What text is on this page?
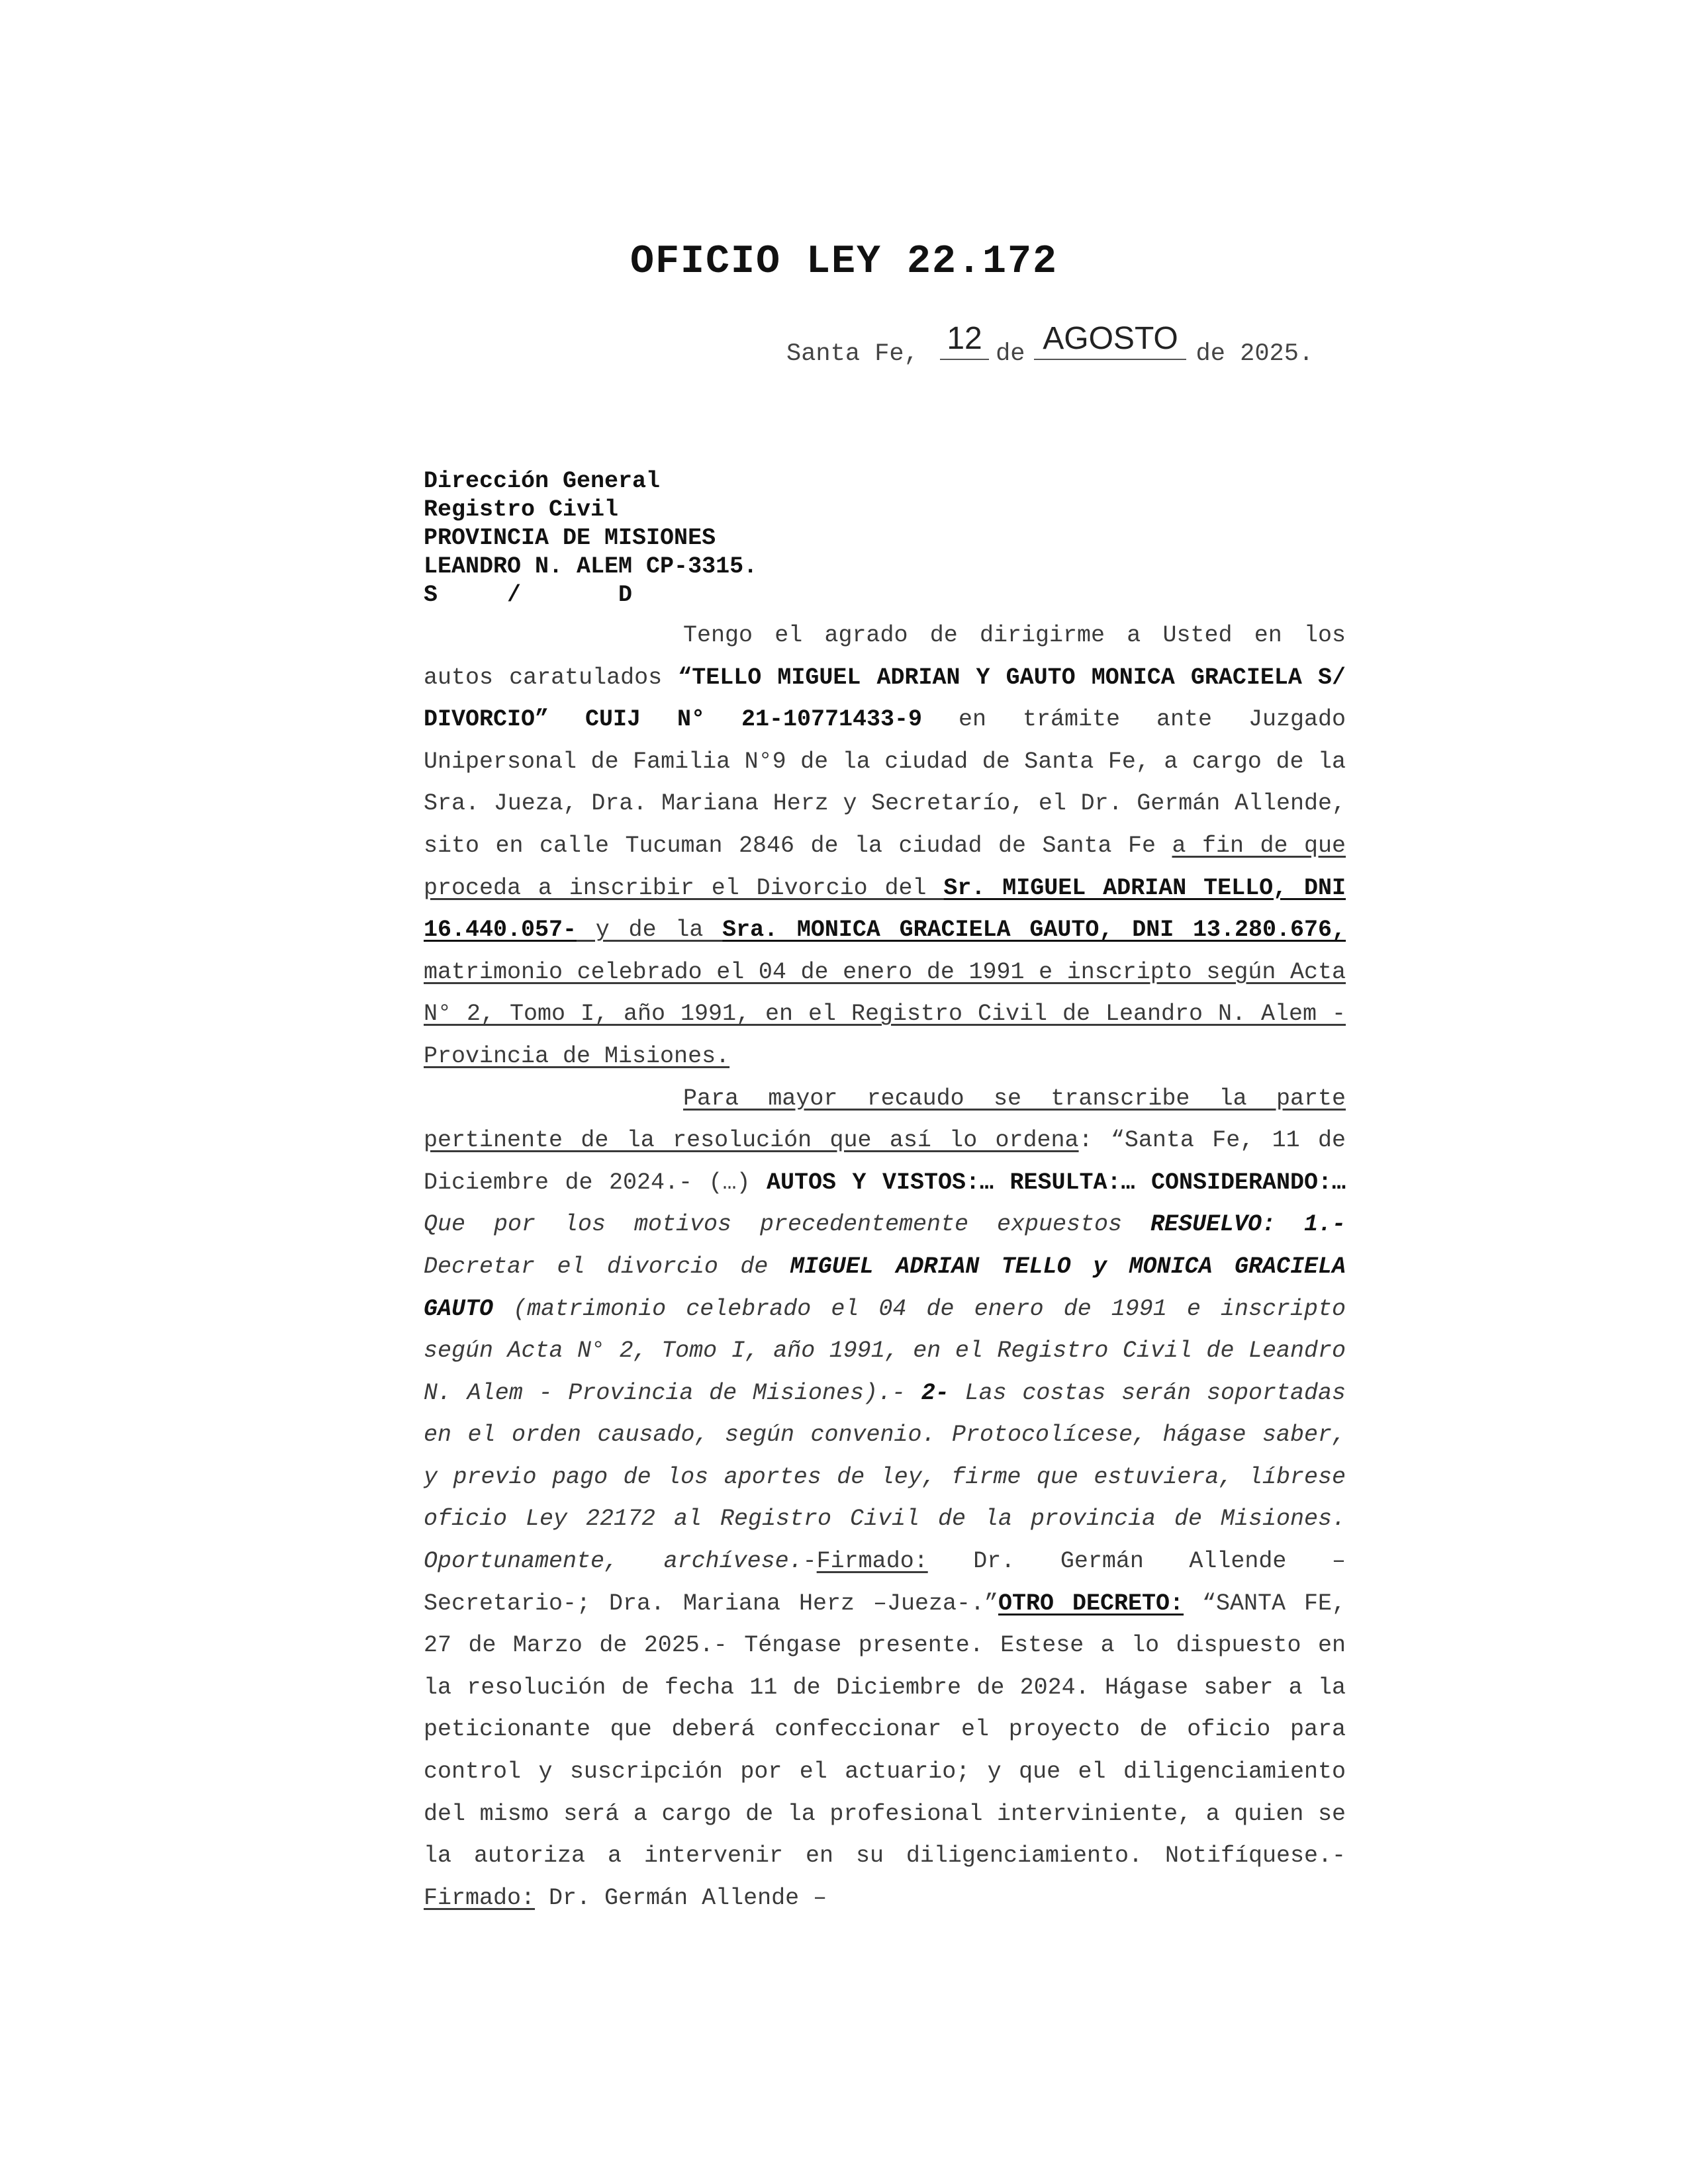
OFICIO LEY 22.172
Santa Fe, 12 de AGOSTO de 2025.
Dirección General
Registro Civil
PROVINCIA DE MISIONES
LEANDRO N. ALEM CP-3315.
S     /       D

Tengo el agrado de dirigirme a Usted en los autos caratulados “TELLO MIGUEL ADRIAN Y GAUTO MONICA GRACIELA S/ DIVORCIO” CUIJ N° 21-10771433-9 en trámite ante Juzgado Unipersonal de Familia N°9 de la ciudad de Santa Fe, a cargo de la Sra. Jueza, Dra. Mariana Herz y Secretarío, el Dr. Germán Allende, sito en calle Tucuman 2846 de la ciudad de Santa Fe a fin de que proceda a inscribir el Divorcio del Sr. MIGUEL ADRIAN TELLO, DNI 16.440.057- y de la Sra. MONICA GRACIELA GAUTO, DNI 13.280.676, matrimonio celebrado el 04 de enero de 1991 e inscripto según Acta N° 2, Tomo I, año 1991, en el Registro Civil de Leandro N. Alem - Provincia de Misiones.

Para mayor recaudo se transcribe la parte pertinente de la resolución que así lo ordena: “Santa Fe, 11 de Diciembre de 2024.- (…) AUTOS Y VISTOS:… RESULTA:… CONSIDERANDO:… Que por los motivos precedentemente expuestos RESUELVO: 1.- Decretar el divorcio de MIGUEL ADRIAN TELLO y MONICA GRACIELA GAUTO (matrimonio celebrado el 04 de enero de 1991 e inscripto según Acta N° 2, Tomo I, año 1991, en el Registro Civil de Leandro N. Alem - Provincia de Misiones).- 2- Las costas serán soportadas en el orden causado, según convenio. Protocolícese, hágase saber, y previo pago de los aportes de ley, firme que estuviera, líbrese oficio Ley 22172 al Registro Civil de la provincia de Misiones. Oportunamente, archívese.-Firmado: Dr. Germán Allende –Secretario-; Dra. Mariana Herz –Jueza-.”OTRO DECRETO: “SANTA FE, 27 de Marzo de 2025.- Téngase presente. Estese a lo dispuesto en la resolución de fecha 11 de Diciembre de 2024. Hágase saber a la peticionante que deberá confeccionar el proyecto de oficio para control y suscripción por el actuario; y que el diligenciamiento del mismo será a cargo de la profesional interviniente, a quien se la autoriza a intervenir en su diligenciamiento. Notifíquese.- Firmado: Dr. Germán Allende –
